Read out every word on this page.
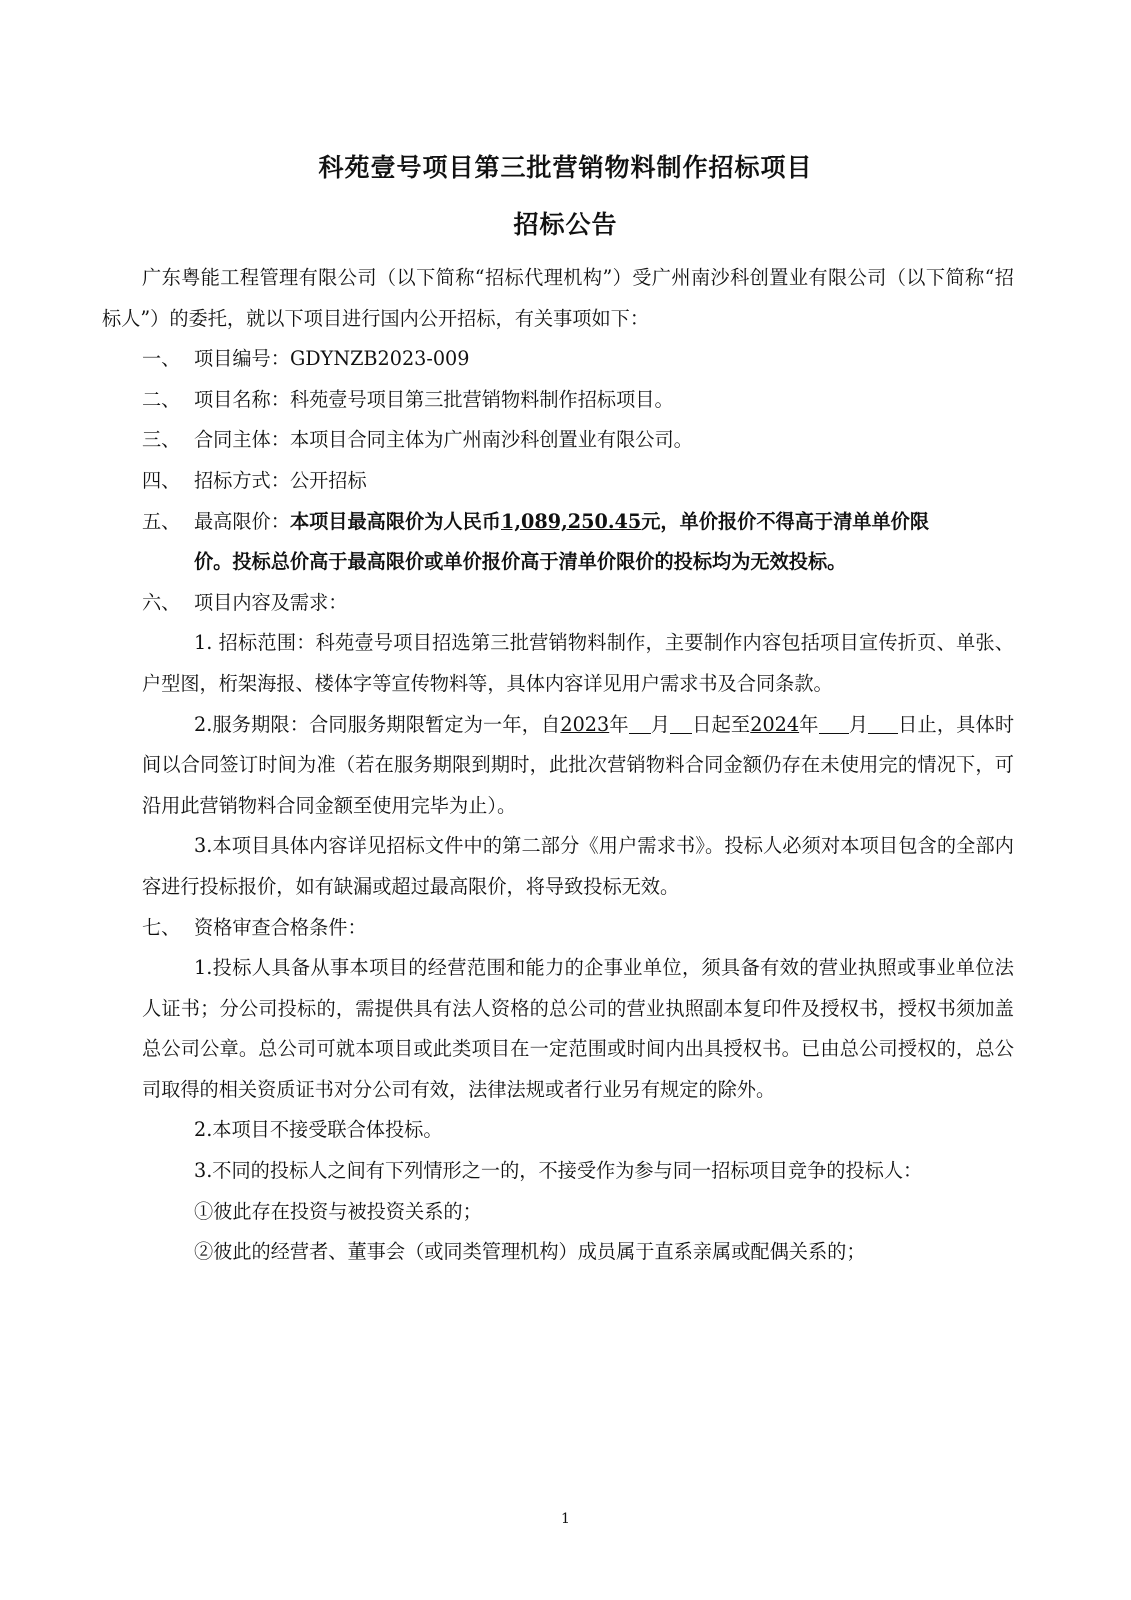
科苑壹号项目第三批营销物料制作招标项目
招标公告

广东粤能工程管理有限公司（以下简称“招标代理机构”）受广州南沙科创置业有限公司（以下简称“招标人”）的委托，就以下项目进行国内公开招标，有关事项如下：

一、 项目编号：GDYNZB2023-009

二、 项目名称：科苑壹号项目第三批营销物料制作招标项目。

三、 合同主体：本项目合同主体为广州南沙科创置业有限公司。

四、 招标方式：公开招标

五、 最高限价：本项目最高限价为人民币1,089,250.45元，单价报价不得高于清单单价限
价。投标总价高于最高限价或单价报价高于清单价限价的投标均为无效投标。

六、 项目内容及需求：

1. 招标范围：科苑壹号项目招选第三批营销物料制作，主要制作内容包括项目宣传折页、单张、户型图，桁架海报、楼体字等宣传物料等，具体内容详见用户需求书及合同条款。

2.服务期限：合同服务期限暂定为一年，自2023年 月 日起至2024年 月 日止，具体时间以合同签订时间为准（若在服务期限到期时，此批次营销物料合同金额仍存在未使用完的情况下，可沿用此营销物料合同金额至使用完毕为止）。

3.本项目具体内容详见招标文件中的第二部分《用户需求书》。投标人必须对本项目包含的全部内容进行投标报价，如有缺漏或超过最高限价，将导致投标无效。

七、 资格审查合格条件：

1.投标人具备从事本项目的经营范围和能力的企事业单位，须具备有效的营业执照或事业单位法人证书；分公司投标的，需提供具有法人资格的总公司的营业执照副本复印件及授权书，授权书须加盖总公司公章。总公司可就本项目或此类项目在一定范围或时间内出具授权书。已由总公司授权的，总公司取得的相关资质证书对分公司有效，法律法规或者行业另有规定的除外。

2.本项目不接受联合体投标。

3.不同的投标人之间有下列情形之一的，不接受作为参与同一招标项目竞争的投标人：

①彼此存在投资与被投资关系的；

②彼此的经营者、董事会（或同类管理机构）成员属于直系亲属或配偶关系的；

1
